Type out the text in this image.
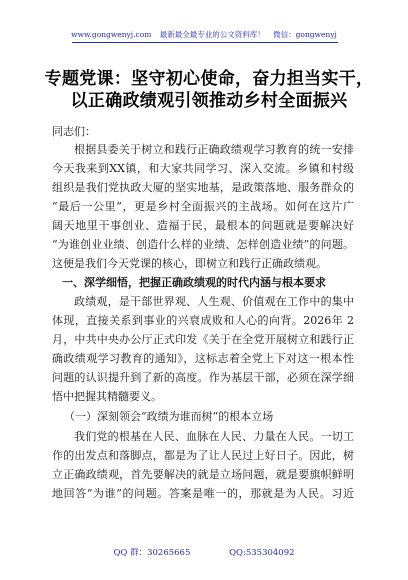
www.gongwenyj.com 最新最全最专业的公文资料库！ 微信：gongwenyj
专题党课：坚守初心使命，奋力担当实干，
以正确政绩观引领推动乡村全面振兴
同志们：
根据县委关于树立和践行正确政绩观学习教育的统一安排
今天我来到XX镇，和大家共同学习、深入交流。乡镇和村级
组织是我们党执政大厦的坚实地基，是政策落地、服务群众的
“最后一公里”，更是乡村全面振兴的主战场。如何在这片广
阔天地里干事创业、造福于民，最根本的问题就是要解决好
“为谁创业业绩、创造什么样的业绩、怎样创造业绩”的问题。
这便是我们今天党课的核心，即树立和践行正确政绩观。
一、深学细悟，把握正确政绩观的时代内涵与根本要求
政绩观，是干部世界观、人生观、价值观在工作中的集中
体现，直接关系到事业的兴衰成败和人心的向背。2026年 2
月，中共中央办公厅正式印发《关于在全党开展树立和践行正
确政绩观学习教育的通知》，这标志着全党上下对这一根本性
问题的认识提升到了新的高度。作为基层干部，必须在深学细
悟中把握其精髓要义。
（一）深刻领会“政绩为谁而树”的根本立场
我们党的根基在人民、血脉在人民、力量在人民。一切工
作的出发点和落脚点，都是为了让人民过上好日子。因此，树
立正确政绩观，首先要解决的就是立场问题，就是要旗帜鲜明
地回答“为谁”的问题。答案是唯一的，那就是为人民。习近
QQ 群：30265665	QQ:535304092
